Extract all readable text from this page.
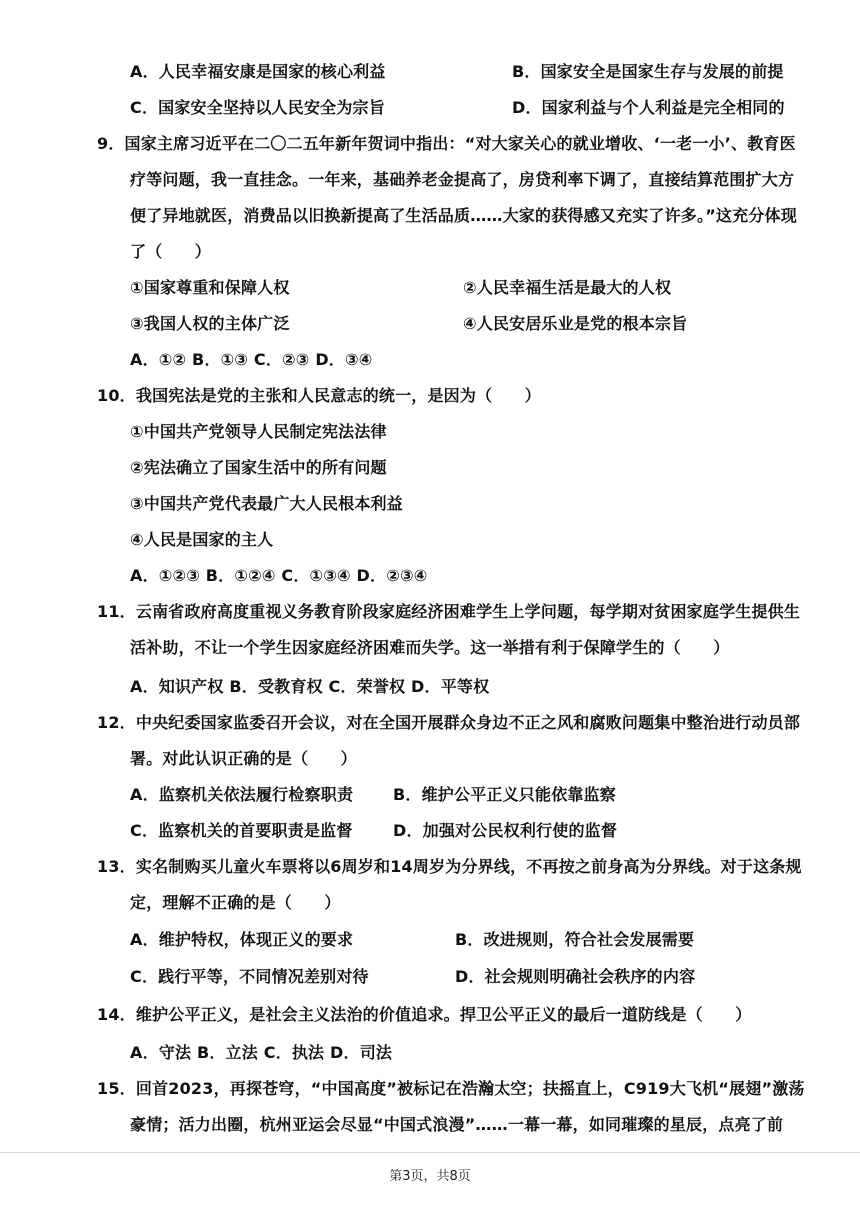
A．人民幸福安康是国家的核心利益	B．国家安全是国家生存与发展的前提
C．国家安全坚持以人民安全为宗旨	D．国家利益与个人利益是完全相同的
9．国家主席习近平在二〇二五年新年贺词中指出：“对大家关心的就业增收、‘一老一小’、教育医
疗等问题，我一直挂念。一年来，基础养老金提高了，房贷利率下调了，直接结算范围扩大方
便了异地就医，消费品以旧换新提高了生活品质……大家的获得感又充实了许多。”这充分体现
了（　　）
①国家尊重和保障人权	②人民幸福生活是最大的人权
③我国人权的主体广泛	④人民安居乐业是党的根本宗旨
A．①② B．①③ C．②③ D．③④
10．我国宪法是党的主张和人民意志的统一，是因为（　　）
①中国共产党领导人民制定宪法法律
②宪法确立了国家生活中的所有问题
③中国共产党代表最广大人民根本利益
④人民是国家的主人
A．①②③ B．①②④ C．①③④ D．②③④
11．云南省政府高度重视义务教育阶段家庭经济困难学生上学问题，每学期对贫困家庭学生提供生
活补助，不让一个学生因家庭经济困难而失学。这一举措有利于保障学生的（　　）
A．知识产权 B．受教育权 C．荣誉权 D．平等权
12．中央纪委国家监委召开会议，对在全国开展群众身边不正之风和腐败问题集中整治进行动员部
署。对此认识正确的是（　　）
A．监察机关依法履行检察职责 B．维护公平正义只能依靠监察
C．监察机关的首要职责是监督	D．加强对公民权利行使的监督
13．实名制购买儿童火车票将以6周岁和14周岁为分界线，不再按之前身高为分界线。对于这条规
定，理解不正确的是（　　）
A．维护特权，体现正义的要求	B．改进规则，符合社会发展需要
C．践行平等，不同情况差别对待	D．社会规则明确社会秩序的内容
14．维护公平正义，是社会主义法治的价值追求。捍卫公平正义的最后一道防线是（　　）
A．守法 B．立法 C．执法 D．司法
15．回首2023，再探苍穹，“中国高度”被标记在浩瀚太空；扶摇直上，C919大飞机“展翅”激荡
豪情；活力出圈，杭州亚运会尽显“中国式浪漫”……一幕一幕，如同璀璨的星辰，点亮了前
第3页，共8页
